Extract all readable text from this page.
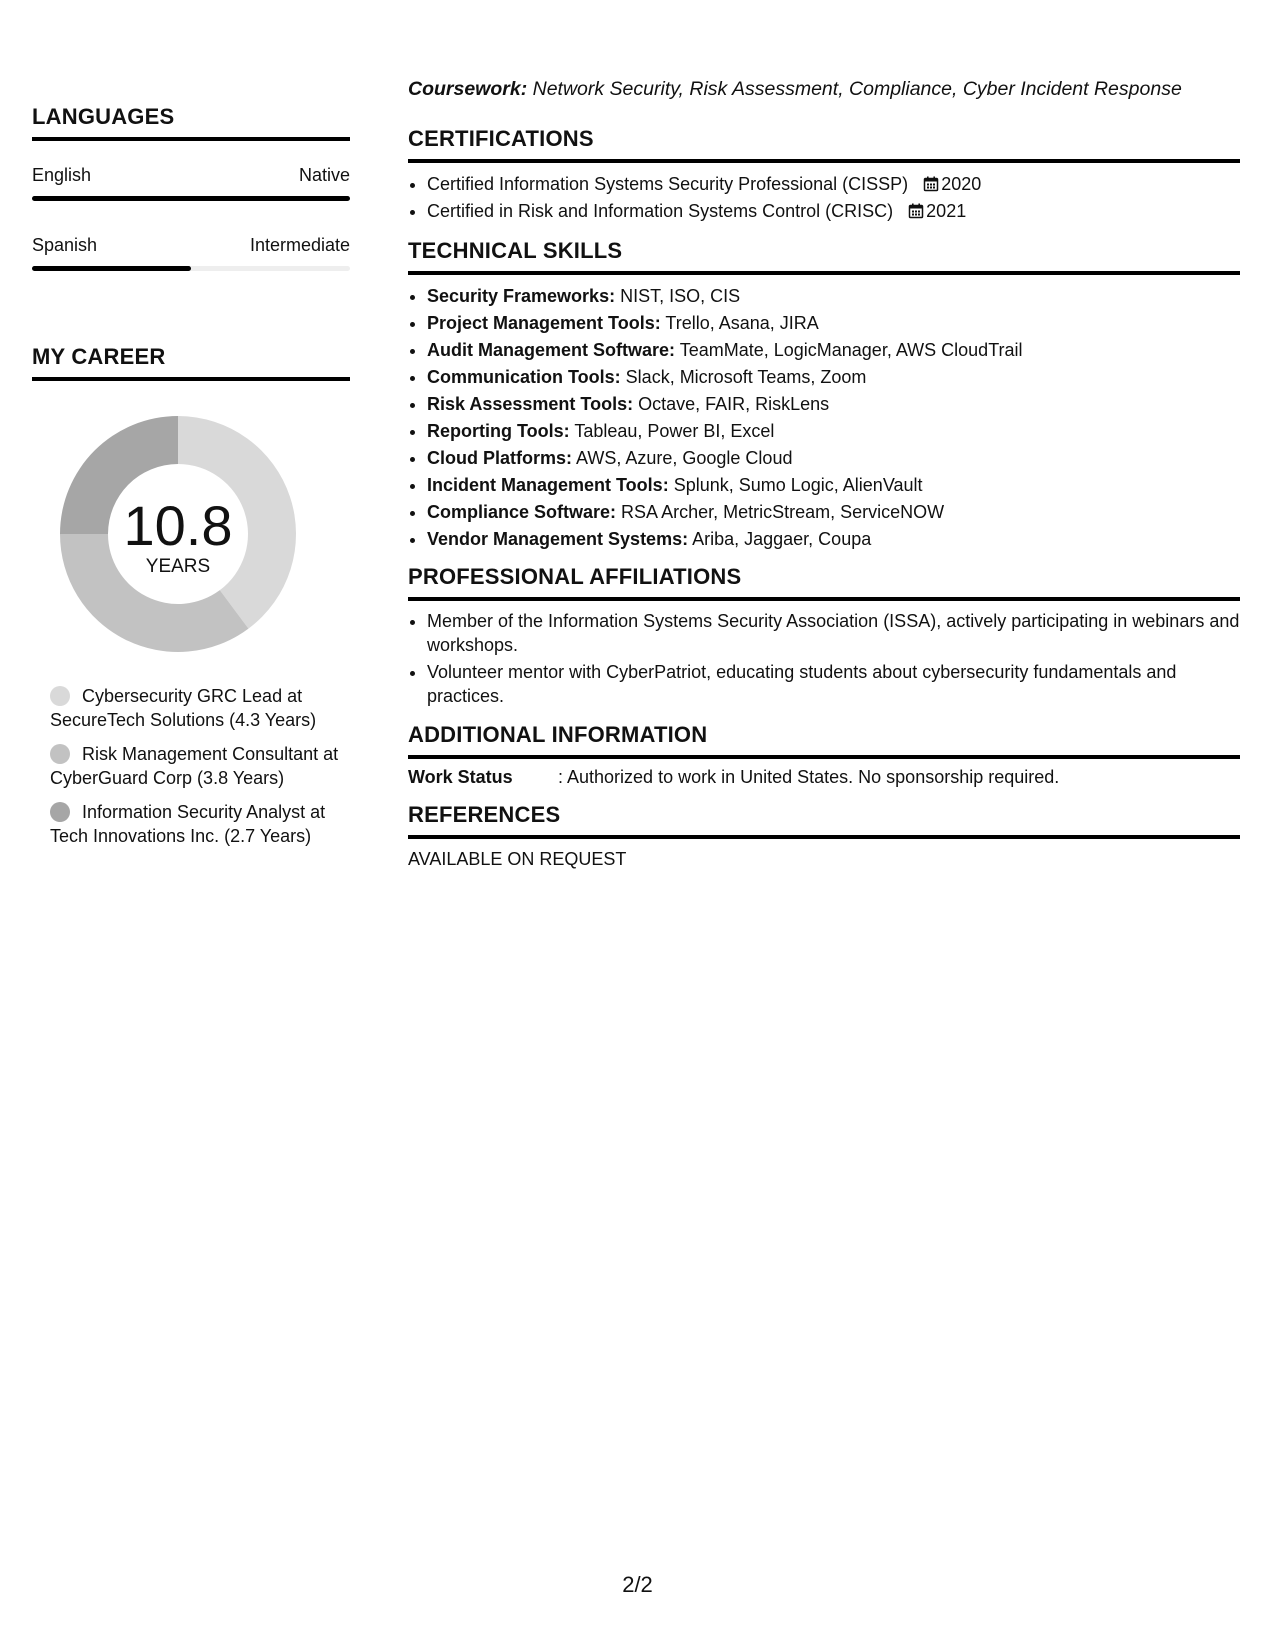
LANGUAGES
English	Native
Spanish	Intermediate
MY CAREER
10.8
YEARS
Cybersecurity GRC Lead at SecureTech Solutions (4.3 Years)
Risk Management Consultant at CyberGuard Corp (3.8 Years)
Information Security Analyst at Tech Innovations Inc. (2.7 Years)
Coursework: Network Security, Risk Assessment, Compliance, Cyber Incident Response
CERTIFICATIONS
• Certified Information Systems Security Professional (CISSP) 2020
• Certified in Risk and Information Systems Control (CRISC) 2021
TECHNICAL SKILLS
• Security Frameworks: NIST, ISO, CIS
• Project Management Tools: Trello, Asana, JIRA
• Audit Management Software: TeamMate, LogicManager, AWS CloudTrail
• Communication Tools: Slack, Microsoft Teams, Zoom
• Risk Assessment Tools: Octave, FAIR, RiskLens
• Reporting Tools: Tableau, Power BI, Excel
• Cloud Platforms: AWS, Azure, Google Cloud
• Incident Management Tools: Splunk, Sumo Logic, AlienVault
• Compliance Software: RSA Archer, MetricStream, ServiceNOW
• Vendor Management Systems: Ariba, Jaggaer, Coupa
PROFESSIONAL AFFILIATIONS
• Member of the Information Systems Security Association (ISSA), actively participating in webinars and workshops.
• Volunteer mentor with CyberPatriot, educating students about cybersecurity fundamentals and practices.
ADDITIONAL INFORMATION
Work Status	: Authorized to work in United States. No sponsorship required.
REFERENCES
AVAILABLE ON REQUEST
2/2
